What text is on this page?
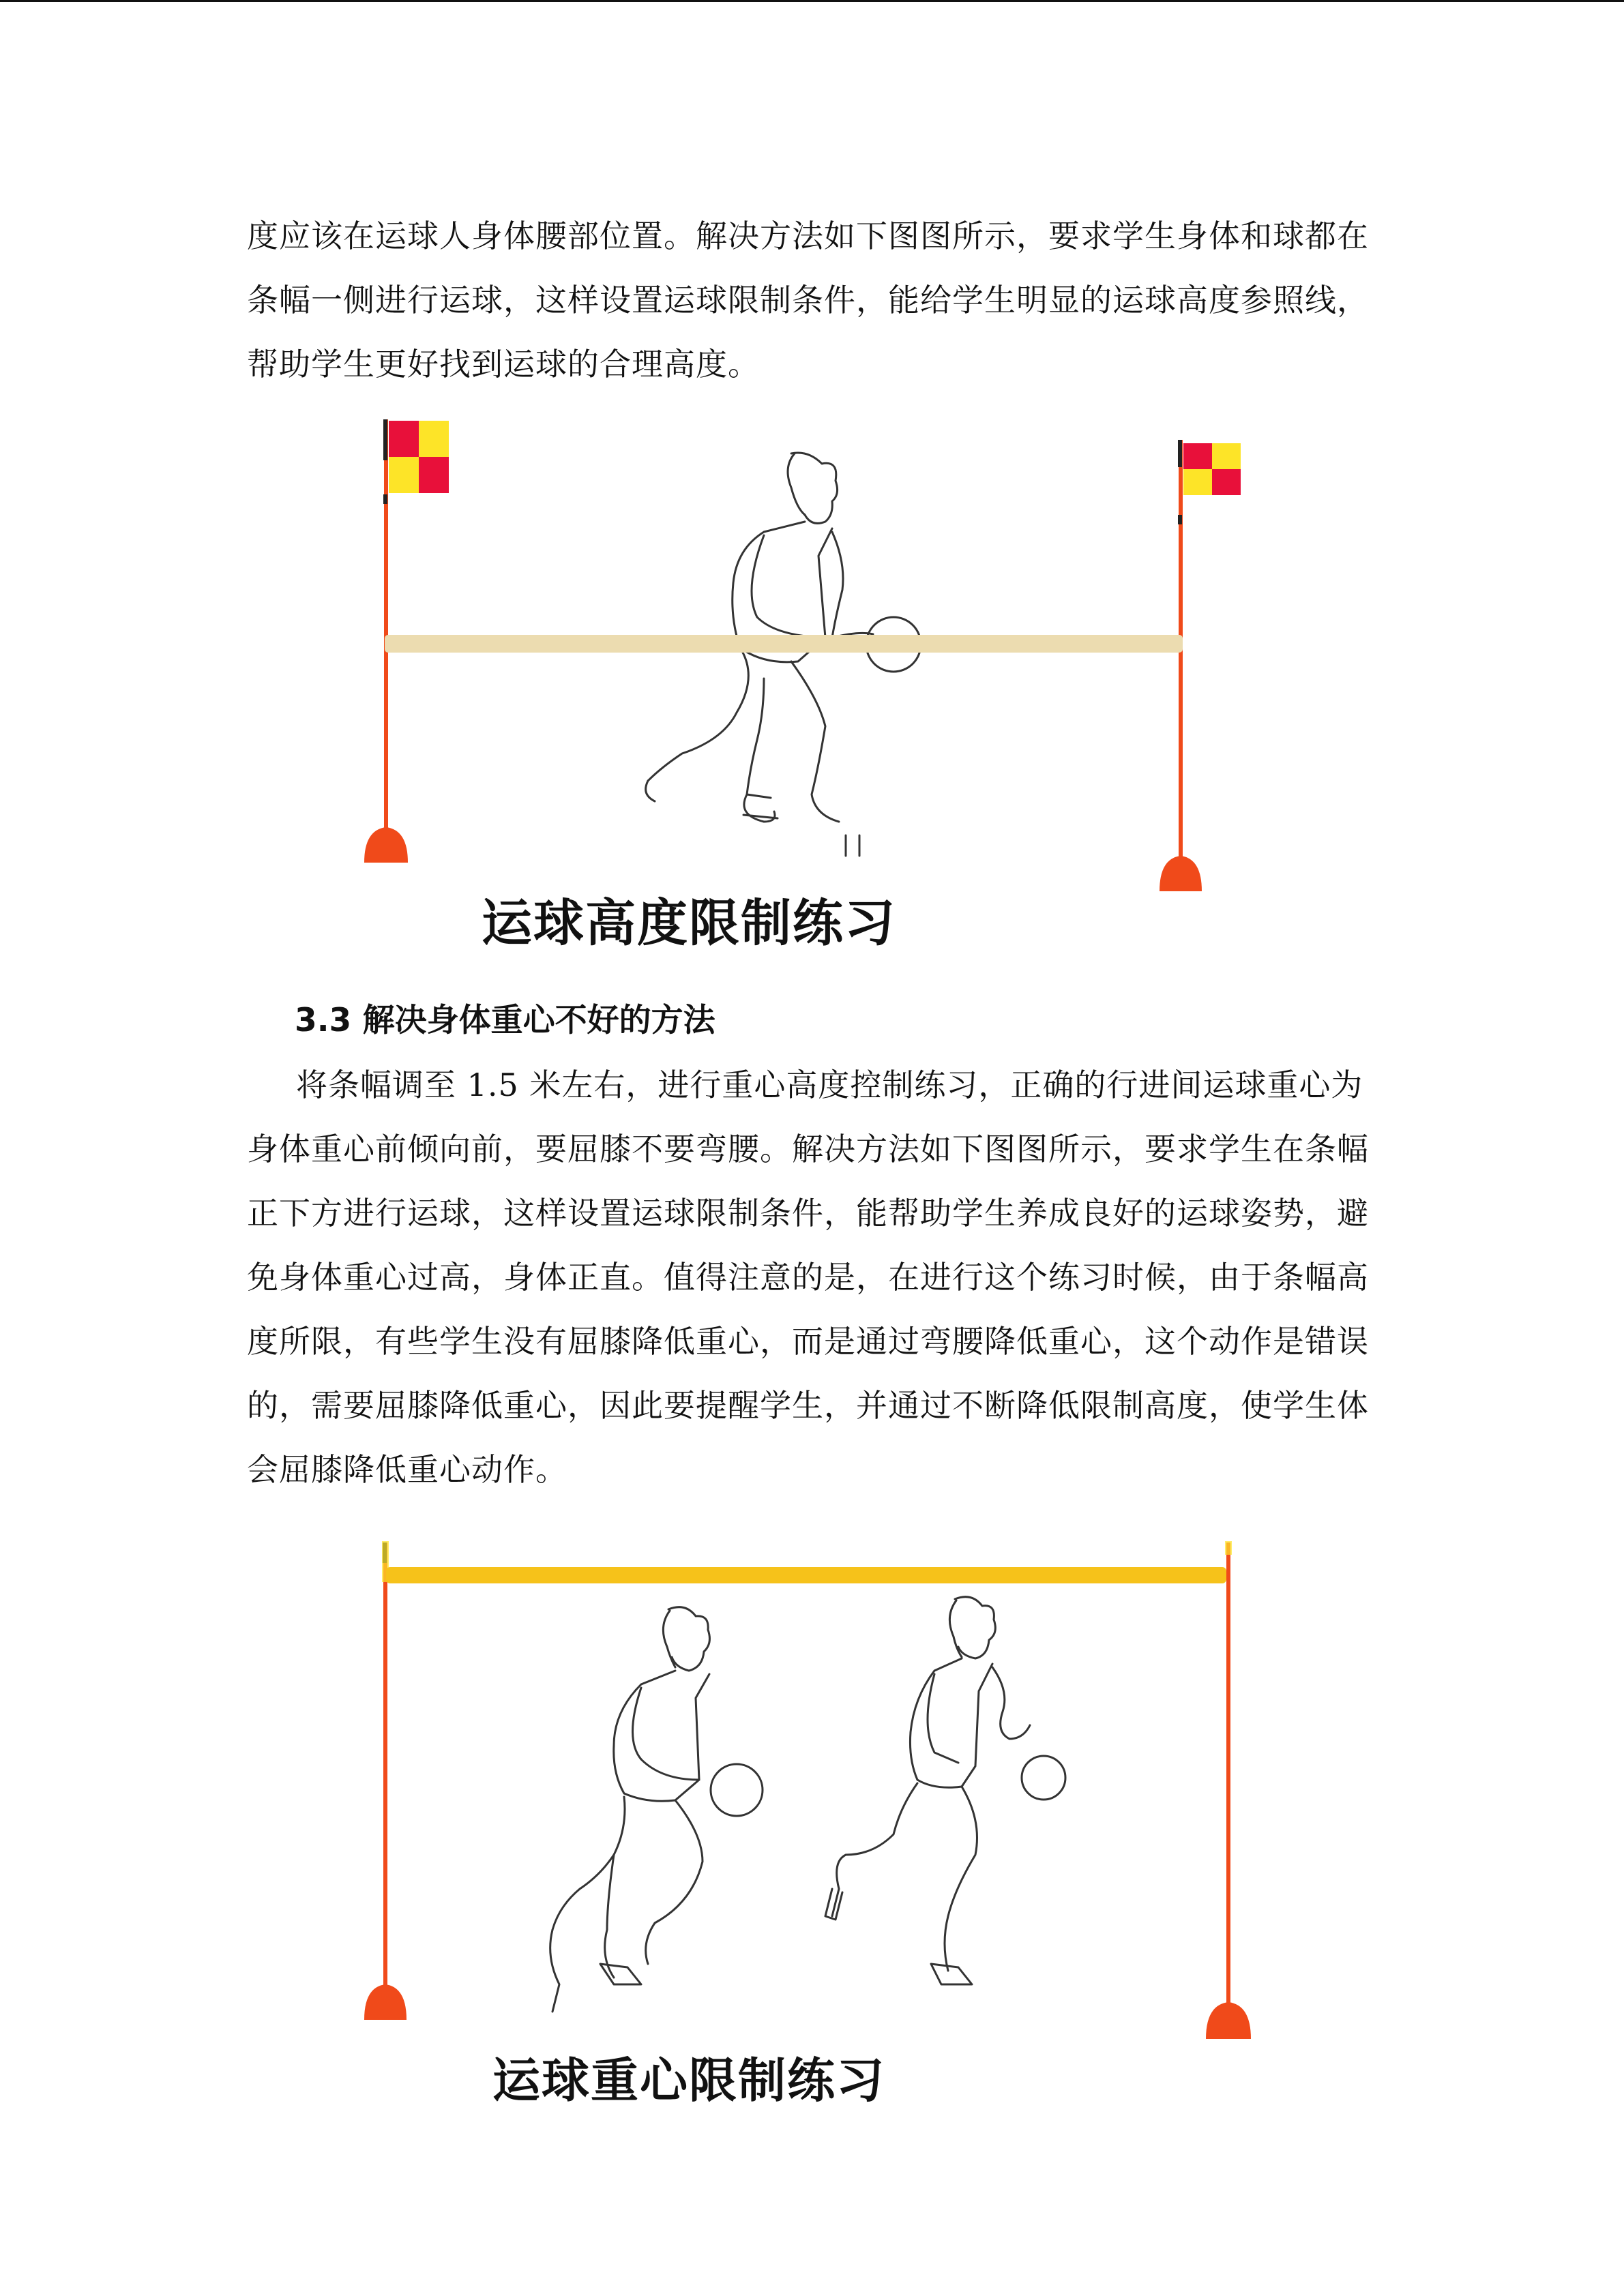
度应该在运球人身体腰部位置。解决方法如下图图所示，要求学生身体和球都在条幅一侧进行运球，这样设置运球限制条件，能给学生明显的运球高度参照线，帮助学生更好找到运球的合理高度。

运球高度限制练习

3.3 解决身体重心不好的方法

将条幅调至 1.5 米左右，进行重心高度控制练习，正确的行进间运球重心为身体重心前倾向前，要屈膝不要弯腰。解决方法如下图图所示，要求学生在条幅正下方进行运球，这样设置运球限制条件，能帮助学生养成良好的运球姿势，避免身体重心过高，身体正直。值得注意的是，在进行这个练习时候，由于条幅高度所限，有些学生没有屈膝降低重心，而是通过弯腰降低重心，这个动作是错误的，需要屈膝降低重心，因此要提醒学生，并通过不断降低限制高度，使学生体会屈膝降低重心动作。

运球重心限制练习
